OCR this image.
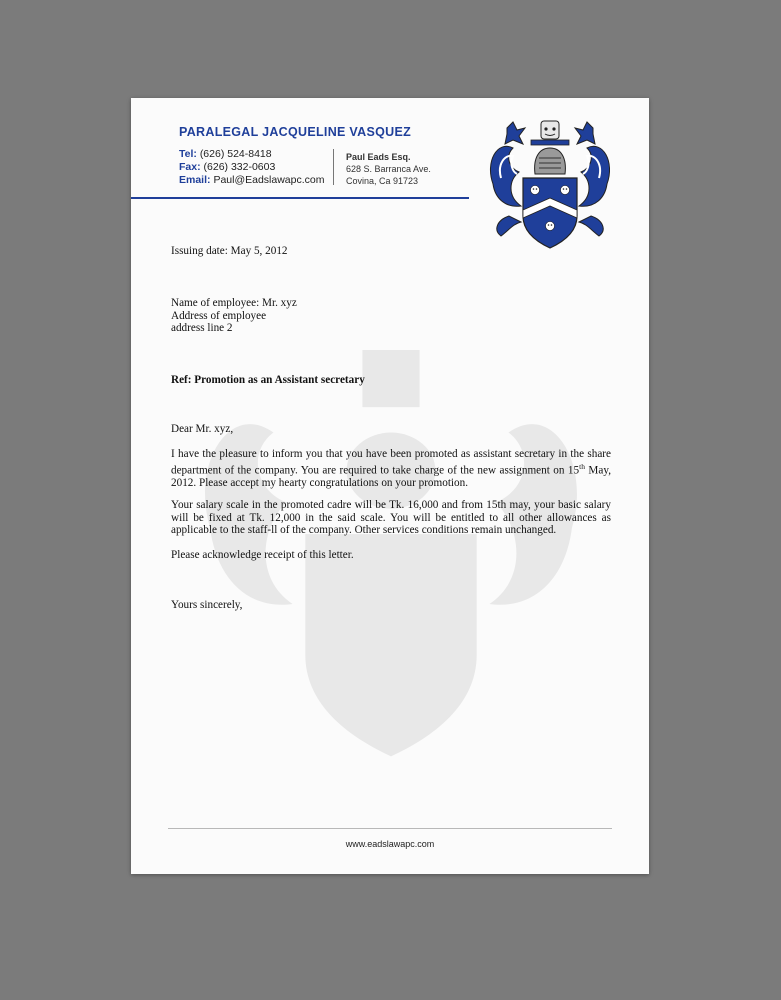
PARALEGAL JACQUELINE VASQUEZ
Tel: (626) 524-8418
Fax: (626) 332-0603
Email: Paul@Eadslawapc.com
Paul Eads Esq.
628 S. Barranca Ave.
Covina, Ca 91723
Issuing date: May 5, 2012
Name of employee: Mr. xyz
Address of employee
address line 2
Ref: Promotion as an Assistant secretary
Dear Mr. xyz,
I have the pleasure to inform you that you have been promoted as assistant secretary in the share department of the company. You are required to take charge of the new assignment on 15th May, 2012. Please accept my hearty congratulations on your promotion.
Your salary scale in the promoted cadre will be Tk. 16,000 and from 15th may, your basic salary will be fixed at Tk. 12,000 in the said scale. You will be entitled to all other allowances as applicable to the staff-ll of the company. Other services conditions remain unchanged.
Please acknowledge receipt of this letter.
Yours sincerely,
www.eadslawapc.com
